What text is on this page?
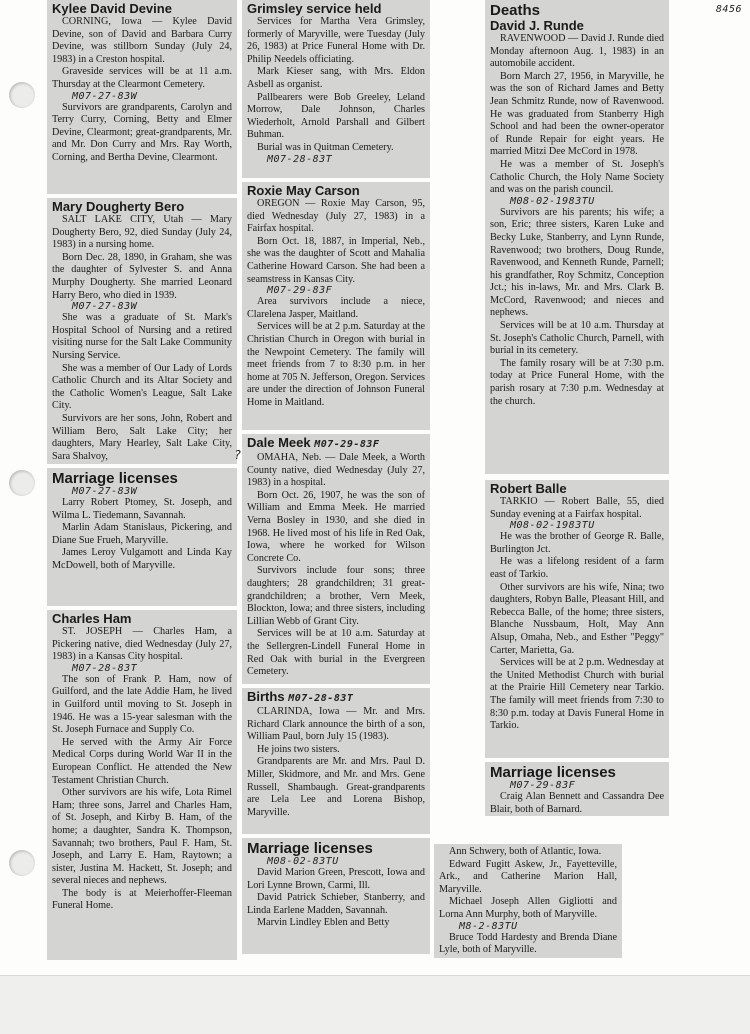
8456
Kylee David Devine

CORNING, Iowa — Kylee David Devine, son of David and Barbara Curry Devine, was stillborn Sunday (July 24, 1983) in a Creston hospital.

Graveside services will be at 11 a.m. Thursday at the Clearmont Cemetery.

M07-27-83W

Survivors are grandparents, Carolyn and Terry Curry, Corning, Betty and Elmer Devine, Clearmont; great-grandparents, Mr. and Mr. Don Curry and Mrs. Ray Worth, Corning, and Bertha Devine, Clearmont.

Mary Dougherty Bero

SALT LAKE CITY, Utah — Mary Dougherty Bero, 92, died Sunday (July 24, 1983) in a nursing home.

Born Dec. 28, 1890, in Graham, she was the daughter of Sylvester S. and Anna Murphy Dougherty. She married Leonard Harry Bero, who died in 1939.

M07-27-83W

She was a graduate of St. Mark's Hospital School of Nursing and a retired visiting nurse for the Salt Lake Community Nursing Service.

She was a member of Our Lady of Lords Catholic Church and its Altar Society and the Catholic Women's League, Salt Lake City.

Survivors are her sons, John, Robert and William Bero, Salt Lake City; her daughters, Mary Hearley, Salt Lake City, Sara Shalvoy,	?
Marriage licenses
M07-27-83W

Larry Robert Ptomey, St. Joseph, and Wilma L. Tiedemann, Savannah.

Marlin Adam Stanislaus, Pickering, and Diane Sue Frueh, Maryville.

James Leroy Vulgamott and Linda Kay McDowell, both of Maryville.

Charles Ham

ST. JOSEPH — Charles Ham, a Pickering native, died Wednesday (July 27, 1983) in a Kansas City hospital.

M07-28-83T

The son of Frank P. Ham, now of Guilford, and the late Addie Ham, he lived in Guilford until moving to St. Joseph in 1946. He was a 15-year salesman with the St. Joseph Furnace and Supply Co.

He served with the Army Air Force Medical Corps during World War II in the European Conflict. He attended the New Testament Christian Church.

Other survivors are his wife, Lota Rimel Ham; three sons, Jarrel and Charles Ham, of St. Joseph, and Kirby B. Ham, of the home; a daughter, Sandra K. Thompson, Savannah; two brothers, Paul F. Ham, St. Joseph, and Larry E. Ham, Raytown; a sister, Justina M. Hackett, St. Joseph; and several nieces and nephews.

The body is at Meierhoffer-Fleeman Funeral Home.

Grimsley service held

Services for Martha Vera Grimsley, formerly of Maryville, were Tuesday (July 26, 1983) at Price Funeral Home with Dr. Philip Needels officiating.

Mark Kieser sang, with Mrs. Eldon Asbell as organist.

Pallbearers were Bob Greeley, Leland Morrow, Dale Johnson, Charles Wiederholt, Arnold Parshall and Gilbert Buhman.

Burial was in Quitman Cemetery.

M07-28-83T
Roxie May Carson

OREGON — Roxie May Carson, 95, died Wednesday (July 27, 1983) in a Fairfax hospital.

Born Oct. 18, 1887, in Imperial, Neb., she was the daughter of Scott and Mahalia Catherine Howard Carson. She had been a seamstress in Kansas City.

M07-29-83F

Area survivors include a niece, Clarelena Jasper, Maitland.

Services will be at 2 p.m. Saturday at the Christian Church in Oregon with burial in the Newpoint Cemetery. The family will meet friends from 7 to 8:30 p.m. in her home at 705 N. Jefferson, Oregon. Services are under the direction of Johnson Funeral Home in Maitland.

Dale Meek M07-29-83F

OMAHA, Neb. — Dale Meek, a Worth County native, died Wednesday (July 27, 1983) in a hospital.

Born Oct. 26, 1907, he was the son of William and Emma Meek. He married Verna Bosley in 1930, and she died in 1968. He lived most of his life in Red Oak, Iowa, where he worked for Wilson Concrete Co.

Survivors include four sons; three daughters; 28 grandchildren; 31 great-grandchildren; a brother, Vern Meek, Blockton, Iowa; and three sisters, including Lillian Webb of Grant City.

Services will be at 10 a.m. Saturday at the Sellergren-Lindell Funeral Home in Red Oak with burial in the Evergreen Cemetery.

Births M07-28-83T

CLARINDA, Iowa — Mr. and Mrs. Richard Clark announce the birth of a son, William Paul, born July 15 (1983).

He joins two sisters.

Grandparents are Mr. and Mrs. Paul D. Miller, Skidmore, and Mr. and Mrs. Gene Russell, Shambaugh. Great-grandparents are Lela Lee and Lorena Bishop, Maryville.

Marriage licenses
M08-02-83TU

David Marion Green, Prescott, Iowa and Lori Lynne Brown, Carmi, Ill.

David Patrick Schieber, Stanberry, and Linda Earlene Madden, Savannah.

Marvin Lindley Eblen and Betty

Ann Schwery, both of Atlantic, Iowa.

Edward Fugitt Askew, Jr., Fayetteville, Ark., and Catherine Marion Hall, Maryville.

Michael Joseph Allen Gigliotti and Lorna Ann Murphy, both of Maryville.

M8-2-83TU

Bruce Todd Hardesty and Brenda Diane Lyle, both of Maryville.

Deaths
David J. Runde

RAVENWOOD — David J. Runde died Monday afternoon Aug. 1, 1983) in an automobile accident.

Born March 27, 1956, in Maryville, he was the son of Richard James and Betty Jean Schmitz Runde, now of Ravenwood. He was graduated from Stanberry High School and had been the owner-operator of Runde Repair for eight years. He married Mitzi Dee McCord in 1978.

He was a member of St. Joseph's Catholic Church, the Holy Name Society and was on the parish council.

M08-02-1983TU

Survivors are his parents; his wife; a son, Eric; three sisters, Karen Luke and Becky Luke, Stanberry, and Lynn Runde, Ravenwood; two brothers, Doug Runde, Ravenwood, and Kenneth Runde, Parnell; his grandfather, Roy Schmitz, Conception Jct.; his in-laws, Mr. and Mrs. Clark B. McCord, Ravenwood; and nieces and nephews.

Services will be at 10 a.m. Thursday at St. Joseph's Catholic Church, Parnell, with burial in its cemetery.

The family rosary will be at 7:30 p.m. today at Price Funeral Home, with the parish rosary at 7:30 p.m. Wednesday at the church.

Robert Balle

TARKIO — Robert Balle, 55, died Sunday evening at a Fairfax hospital.

M08-02-1983TU

He was the brother of George R. Balle, Burlington Jct.

He was a lifelong resident of a farm east of Tarkio.

Other survivors are his wife, Nina; two daughters, Robyn Balle, Pleasant Hill, and Rebecca Balle, of the home; three sisters, Blanche Nussbaum, Holt, May Ann Alsup, Omaha, Neb., and Esther "Peggy" Carter, Marietta, Ga.

Services will be at 2 p.m. Wednesday at the United Methodist Church with burial at the Prairie Hill Cemetery near Tarkio. The family will meet friends from 7:30 to 8:30 p.m. today at Davis Funeral Home in Tarkio.

Marriage licenses
M07-29-83F

Craig Alan Bennett and Cassandra Dee Blair, both of Barnard.
